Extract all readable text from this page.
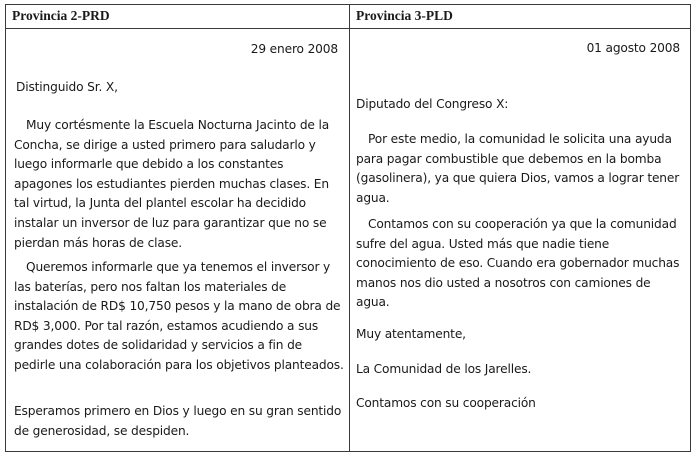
Provincia 2-PRD
29 enero 2008
Distinguido Sr. X,

Muy cortésmente la Escuela Nocturna Jacinto de la Concha, se dirige a usted primero para saludarlo y luego informarle que debido a los constantes apagones los estudiantes pierden muchas clases. En tal virtud, la Junta del plantel escolar ha decidido instalar un inversor de luz para garantizar que no se pierdan más horas de clase.

Queremos informarle que ya tenemos el inversor y las baterías, pero nos faltan los materiales de instalación de RD$ 10,750 pesos y la mano de obra de RD$ 3,000. Por tal razón, estamos acudiendo a sus grandes dotes de solidaridad y servicios a fin de pedirle una colaboración para los objetivos planteados.

Esperamos primero en Dios y luego en su gran sentido de generosidad, se despiden.

Provincia 3-PLD
01 agosto 2008
Diputado del Congreso X:

Por este medio, la comunidad le solicita una ayuda para pagar combustible que debemos en la bomba (gasolinera), ya que quiera Dios, vamos a lograr tener agua.

Contamos con su cooperación ya que la comunidad sufre del agua. Usted más que nadie tiene conocimiento de eso. Cuando era gobernador muchas manos nos dio usted a nosotros con camiones de agua.

Muy atentamente,
La Comunidad de los Jarelles.
Contamos con su cooperación
